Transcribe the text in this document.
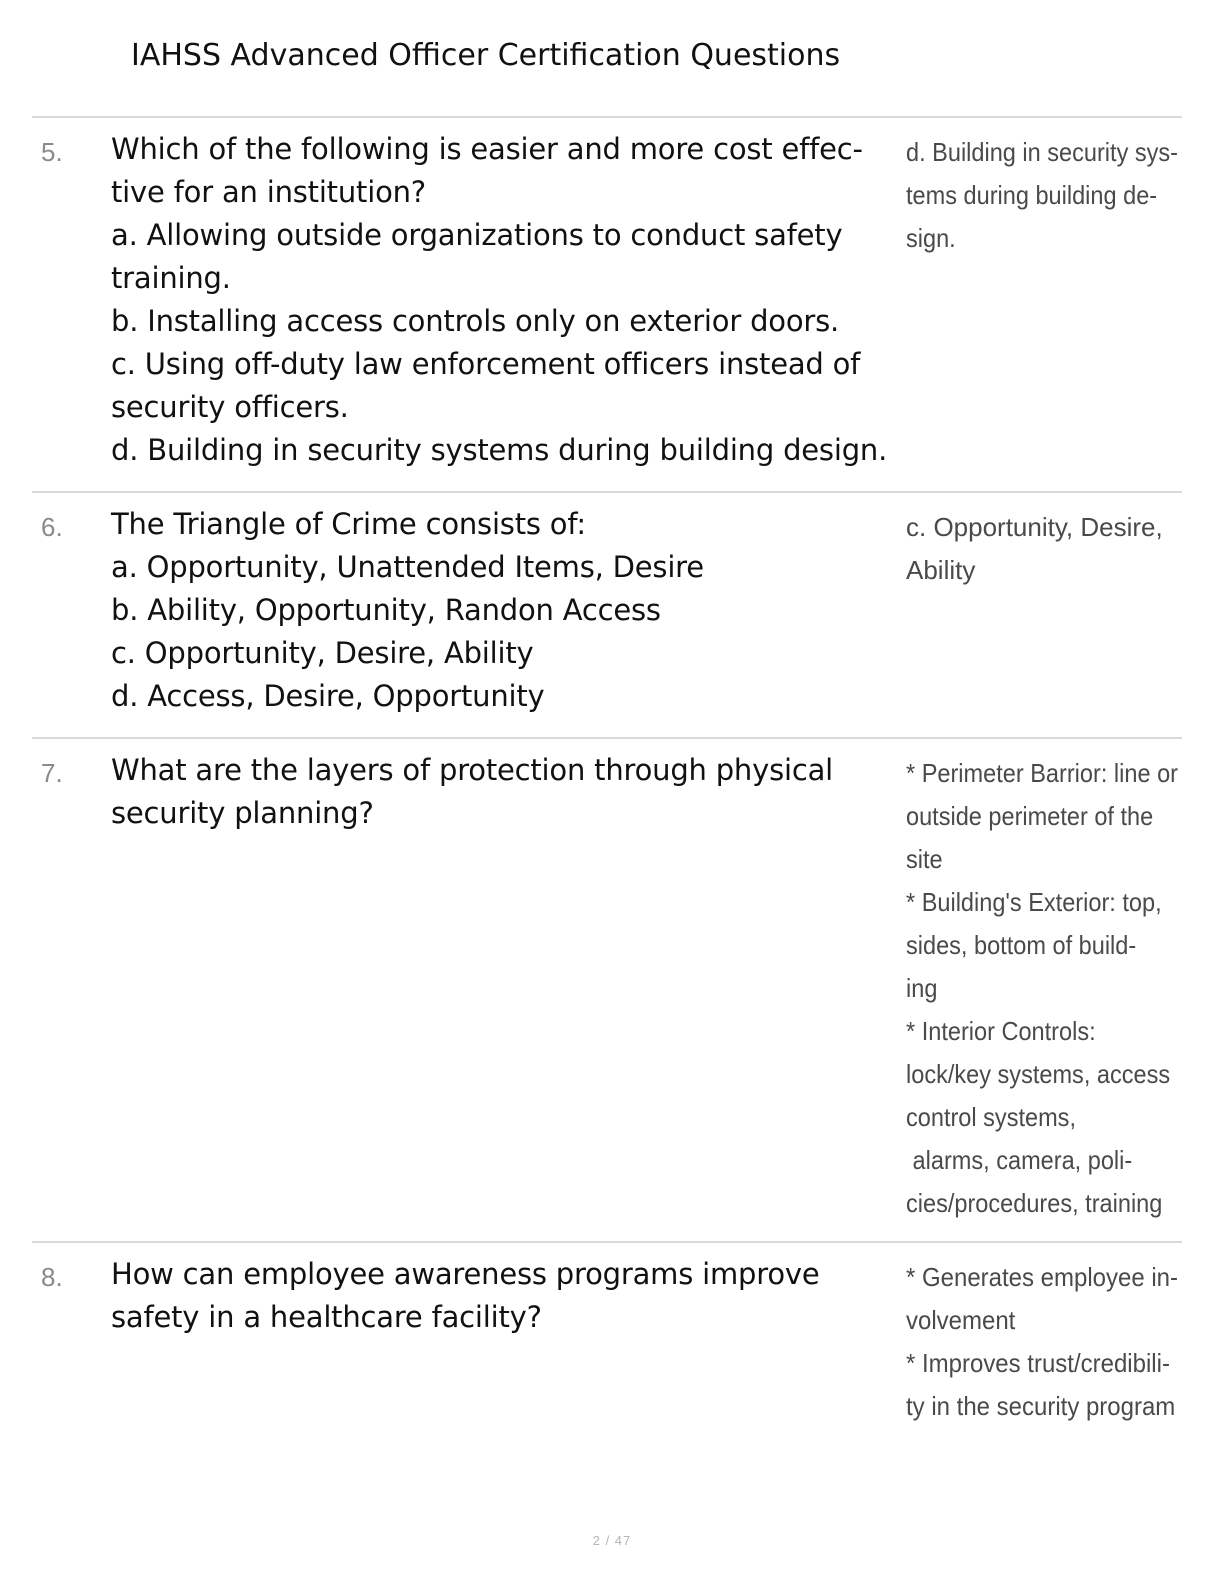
IAHSS Advanced Officer Certification Questions
5. Which of the following is easier and more cost effec-
tive for an institution?
a. Allowing outside organizations to conduct safety
training.
b. Installing access controls only on exterior doors.
c. Using off-duty law enforcement officers instead of
security officers.
d. Building in security systems during building design.
d. Building in security sys-
tems during building de-
sign.
6. The Triangle of Crime consists of:
a. Opportunity, Unattended Items, Desire
b. Ability, Opportunity, Randon Access
c. Opportunity, Desire, Ability
d. Access, Desire, Opportunity
c. Opportunity, Desire,
Ability
7. What are the layers of protection through physical
security planning?
* Perimeter Barrior: line or
outside perimeter of the
site
* Building's Exterior: top,
sides, bottom of build-
ing
* Interior Controls:
lock/key systems, access
control systems,
alarms, camera, poli-
cies/procedures, training
8. How can employee awareness programs improve
safety in a healthcare facility?
* Generates employee in-
volvement
* Improves trust/credibili-
ty in the security program
2 / 47
